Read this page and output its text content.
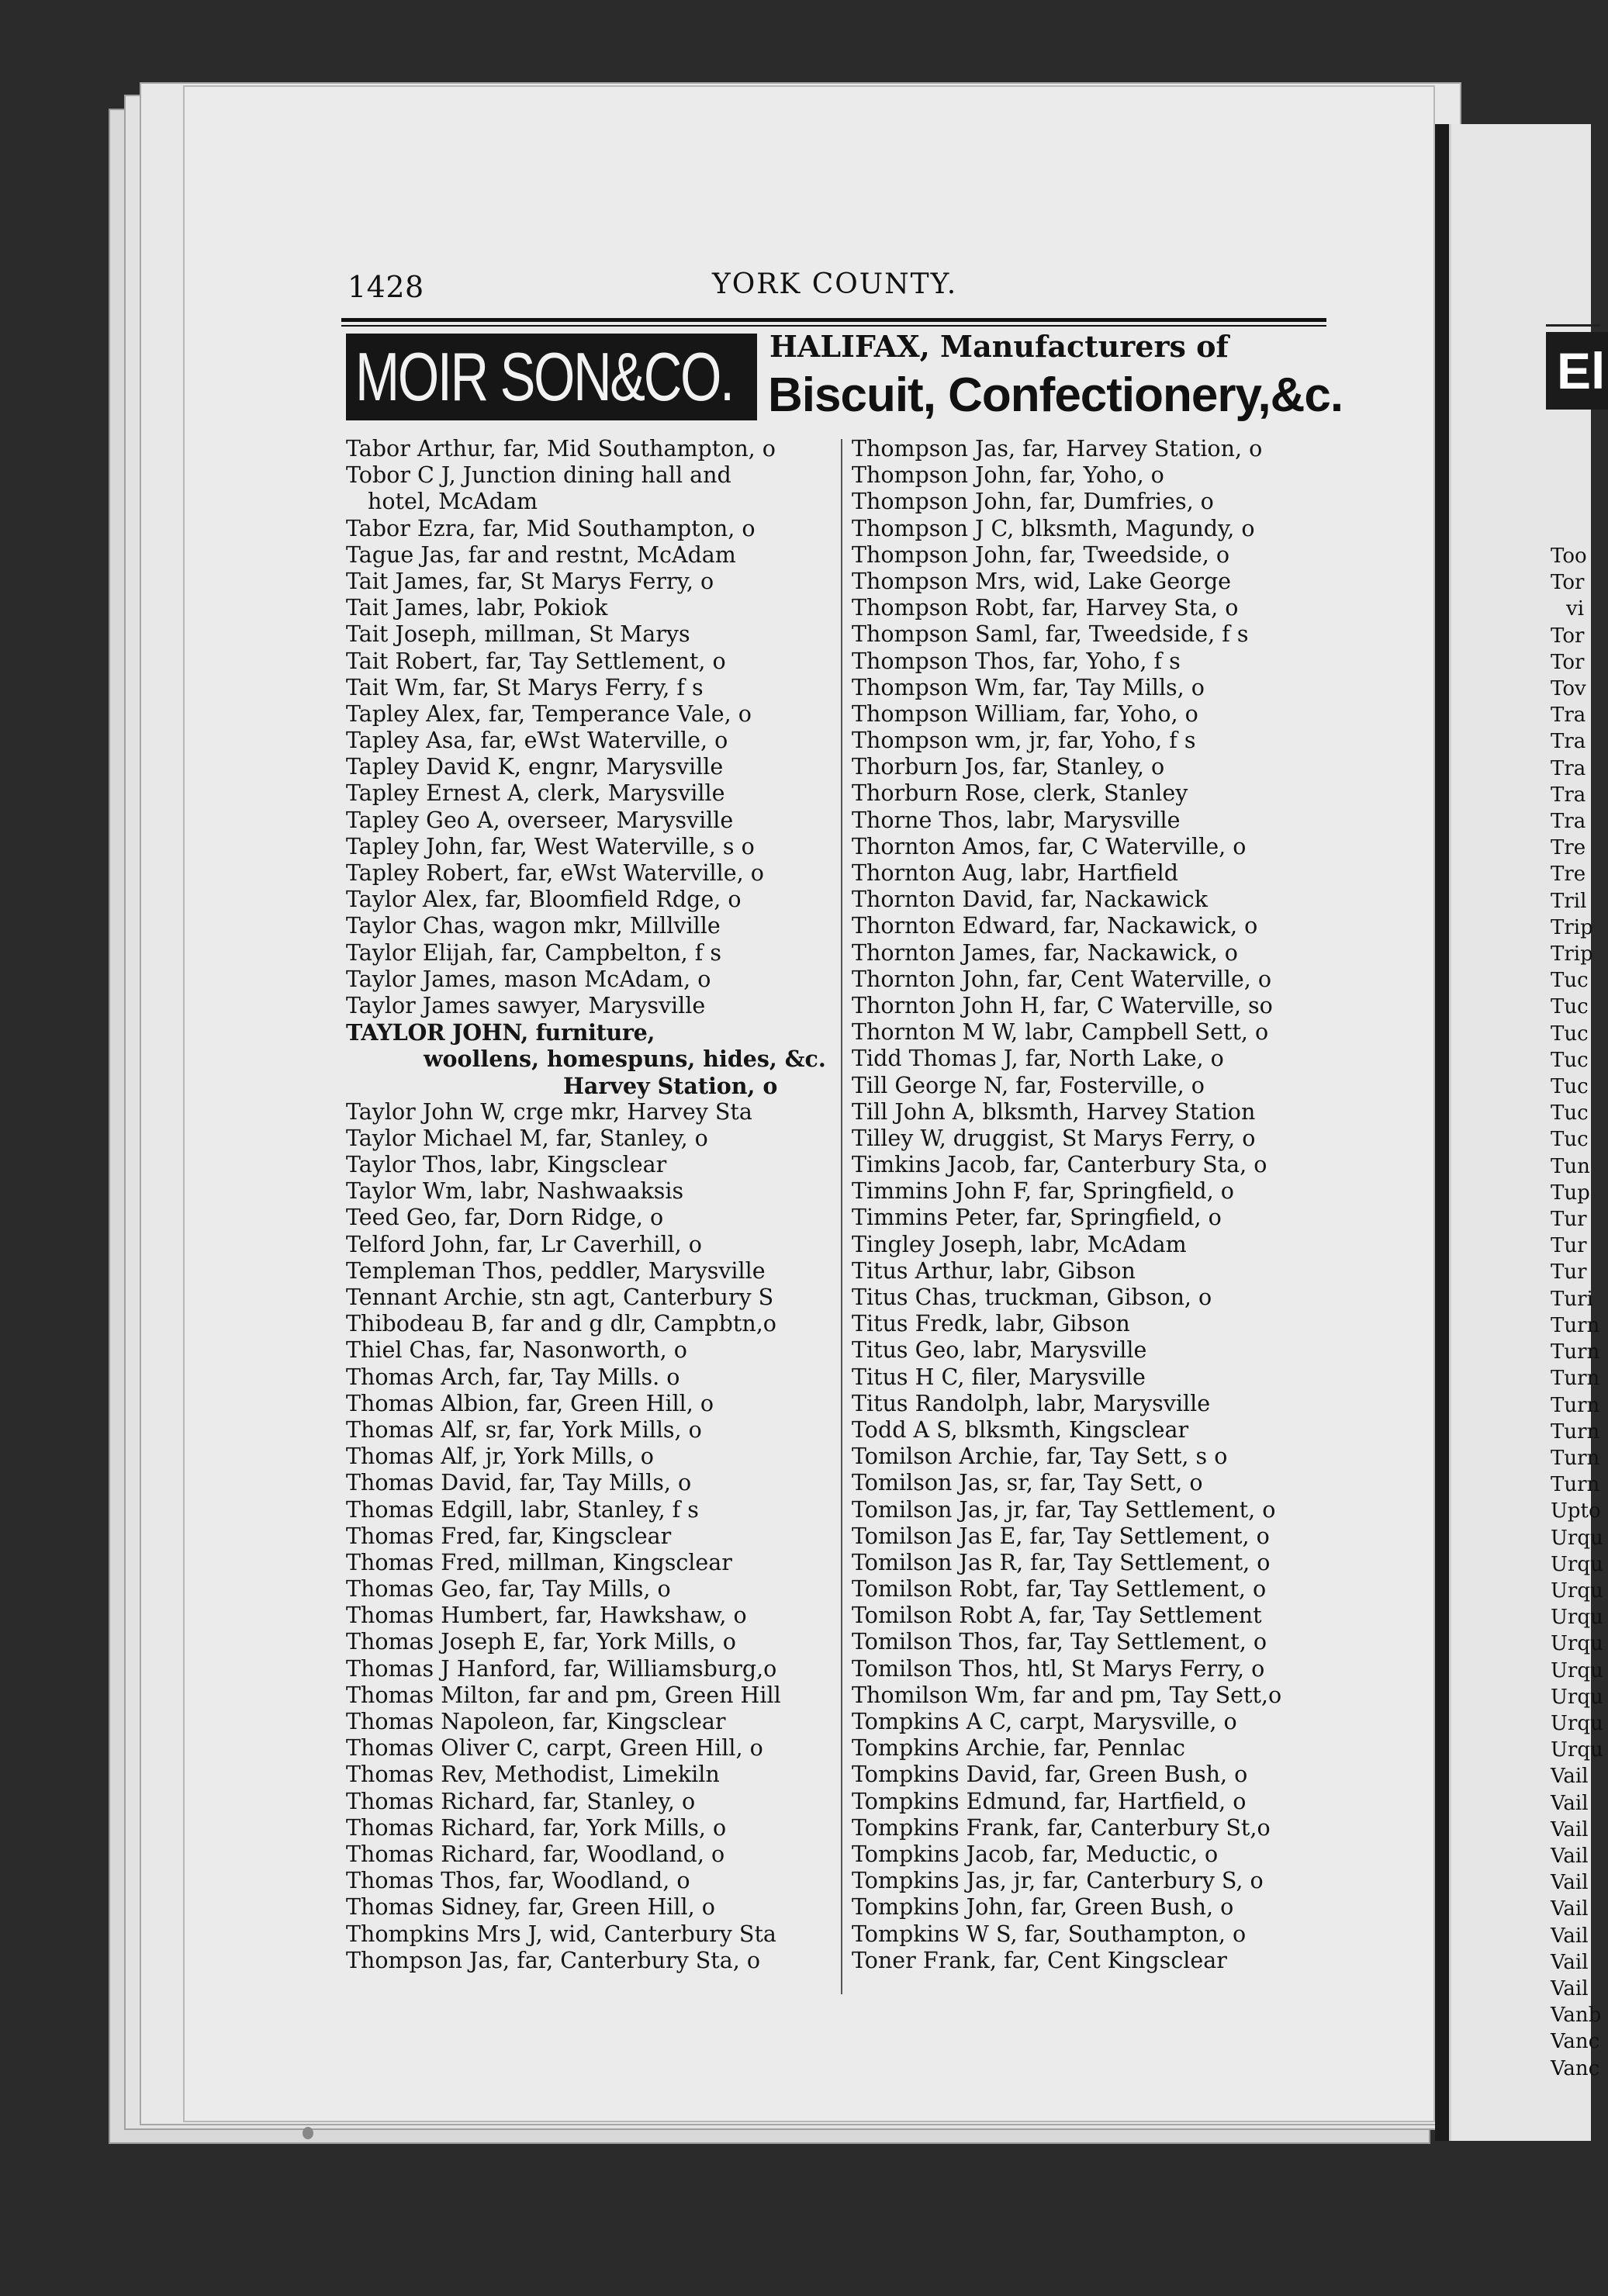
El
Too
Tor
vi
Tor
Tor
Tov
Tra
Tra
Tra
Tra
Tra
Tre
Tre
Tril
Trip
Trip
Tuc
Tuc
Tuc
Tuc
Tuc
Tuc
Tuc
Tun
Tup
Tur
Tur
Tur
Turi
Turn
Turn
Turn
Turn
Turn
Turn
Turn
Upto
Urqu
Urqu
Urqu
Urqu
Urqu
Urqu
Urqu
Urqu
Urqu
Vail
Vail
Vail
Vail
Vail
Vail
Vail
Vail
Vail
Vanb
Vanc
Vanc
1428	YORK COUNTY.
MOIR SON&CO.	HALIFAX, Manufacturers of
Biscuit, Confectionery,&c.
Tabor Arthur, far, Mid Southampton, o
Tobor C J, Junction dining hall and
hotel, McAdam
Tabor Ezra, far, Mid Southampton, o
Tague Jas, far and restnt, McAdam
Tait James, far, St Marys Ferry, o
Tait James, labr, Pokiok
Tait Joseph, millman, St Marys
Tait Robert, far, Tay Settlement, o
Tait Wm, far, St Marys Ferry, f s
Tapley Alex, far, Temperance Vale, o
Tapley Asa, far, eWst Waterville, o
Tapley David K, engnr, Marysville
Tapley Ernest A, clerk, Marysville
Tapley Geo A, overseer, Marysville
Tapley John, far, West Waterville, s o
Tapley Robert, far, eWst Waterville, o
Taylor Alex, far, Bloomfield Rdge, o
Taylor Chas, wagon mkr, Millville
Taylor Elijah, far, Campbelton, f s
Taylor James, mason McAdam, o
Taylor James sawyer, Marysville
TAYLOR JOHN, furniture,
woollens, homespuns, hides, &c.
Harvey Station, o
Taylor John W, crge mkr, Harvey Sta
Taylor Michael M, far, Stanley, o
Taylor Thos, labr, Kingsclear
Taylor Wm, labr, Nashwaaksis
Teed Geo, far, Dorn Ridge, o
Telford John, far, Lr Caverhill, o
Templeman Thos, peddler, Marysville
Tennant Archie, stn agt, Canterbury S
Thibodeau B, far and g dlr, Campbtn,o
Thiel Chas, far, Nasonworth, o
Thomas Arch, far, Tay Mills. o
Thomas Albion, far, Green Hill, o
Thomas Alf, sr, far, York Mills, o
Thomas Alf, jr, York Mills, o
Thomas David, far, Tay Mills, o
Thomas Edgill, labr, Stanley, f s
Thomas Fred, far, Kingsclear
Thomas Fred, millman, Kingsclear
Thomas Geo, far, Tay Mills, o
Thomas Humbert, far, Hawkshaw, o
Thomas Joseph E, far, York Mills, o
Thomas J Hanford, far, Williamsburg,o
Thomas Milton, far and pm, Green Hill
Thomas Napoleon, far, Kingsclear
Thomas Oliver C, carpt, Green Hill, o
Thomas Rev, Methodist, Limekiln
Thomas Richard, far, Stanley, o
Thomas Richard, far, York Mills, o
Thomas Richard, far, Woodland, o
Thomas Thos, far, Woodland, o
Thomas Sidney, far, Green Hill, o
Thompkins Mrs J, wid, Canterbury Sta
Thompson Jas, far, Canterbury Sta, o
Thompson Jas, far, Harvey Station, o
Thompson John, far, Yoho, o
Thompson John, far, Dumfries, o
Thompson J C, blksmth, Magundy, o
Thompson John, far, Tweedside, o
Thompson Mrs, wid, Lake George
Thompson Robt, far, Harvey Sta, o
Thompson Saml, far, Tweedside, f s
Thompson Thos, far, Yoho, f s
Thompson Wm, far, Tay Mills, o
Thompson William, far, Yoho, o
Thompson wm, jr, far, Yoho, f s
Thorburn Jos, far, Stanley, o
Thorburn Rose, clerk, Stanley
Thorne Thos, labr, Marysville
Thornton Amos, far, C Waterville, o
Thornton Aug, labr, Hartfield
Thornton David, far, Nackawick
Thornton Edward, far, Nackawick, o
Thornton James, far, Nackawick, o
Thornton John, far, Cent Waterville, o
Thornton John H, far, C Waterville, so
Thornton M W, labr, Campbell Sett, o
Tidd Thomas J, far, North Lake, o
Till George N, far, Fosterville, o
Till John A, blksmth, Harvey Station
Tilley W, druggist, St Marys Ferry, o
Timkins Jacob, far, Canterbury Sta, o
Timmins John F, far, Springfield, o
Timmins Peter, far, Springfield, o
Tingley Joseph, labr, McAdam
Titus Arthur, labr, Gibson
Titus Chas, truckman, Gibson, o
Titus Fredk, labr, Gibson
Titus Geo, labr, Marysville
Titus H C, filer, Marysville
Titus Randolph, labr, Marysville
Todd A S, blksmth, Kingsclear
Tomilson Archie, far, Tay Sett, s o
Tomilson Jas, sr, far, Tay Sett, o
Tomilson Jas, jr, far, Tay Settlement, o
Tomilson Jas E, far, Tay Settlement, o
Tomilson Jas R, far, Tay Settlement, o
Tomilson Robt, far, Tay Settlement, o
Tomilson Robt A, far, Tay Settlement
Tomilson Thos, far, Tay Settlement, o
Tomilson Thos, htl, St Marys Ferry, o
Thomilson Wm, far and pm, Tay Sett,o
Tompkins A C, carpt, Marysville, o
Tompkins Archie, far, Pennlac
Tompkins David, far, Green Bush, o
Tompkins Edmund, far, Hartfield, o
Tompkins Frank, far, Canterbury St,o
Tompkins Jacob, far, Meductic, o
Tompkins Jas, jr, far, Canterbury S, o
Tompkins John, far, Green Bush, o
Tompkins W S, far, Southampton, o
Toner Frank, far, Cent Kingsclear
